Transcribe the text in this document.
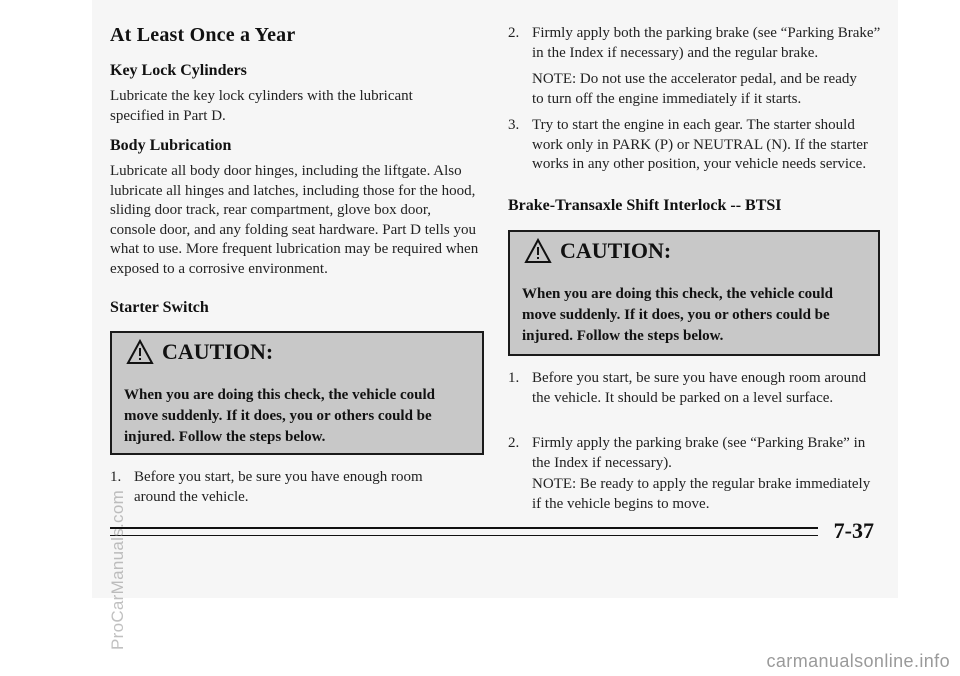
At Least Once a Year
Key Lock Cylinders

Lubricate the key lock cylinders with the lubricant specified in Part D.

Body Lubrication

Lubricate all body door hinges, including the liftgate. Also lubricate all hinges and latches, including those for the hood, sliding door track, rear compartment, glove box door, console door, and any folding seat hardware. Part D tells you what to use. More frequent lubrication may be required when exposed to a corrosive environment.

Starter Switch
CAUTION:
When you are doing this check, the vehicle could move suddenly. If it does, you or others could be injured. Follow the steps below.
1. Before you start, be sure you have enough room around the vehicle.
2. Firmly apply both the parking brake (see “Parking Brake” in the Index if necessary) and the regular brake.
NOTE: Do not use the accelerator pedal, and be ready to turn off the engine immediately if it starts.
3. Try to start the engine in each gear. The starter should work only in PARK (P) or NEUTRAL (N). If the starter works in any other position, your vehicle needs service.
Brake-Transaxle Shift Interlock -- BTSI
CAUTION:
When you are doing this check, the vehicle could move suddenly. If it does, you or others could be injured. Follow the steps below.
1. Before you start, be sure you have enough room around the vehicle. It should be parked on a level surface.
2. Firmly apply the parking brake (see “Parking Brake” in the Index if necessary).
NOTE: Be ready to apply the regular brake immediately if the vehicle begins to move.
7-37
ProCarManuals.com
carmanualsonline.info
